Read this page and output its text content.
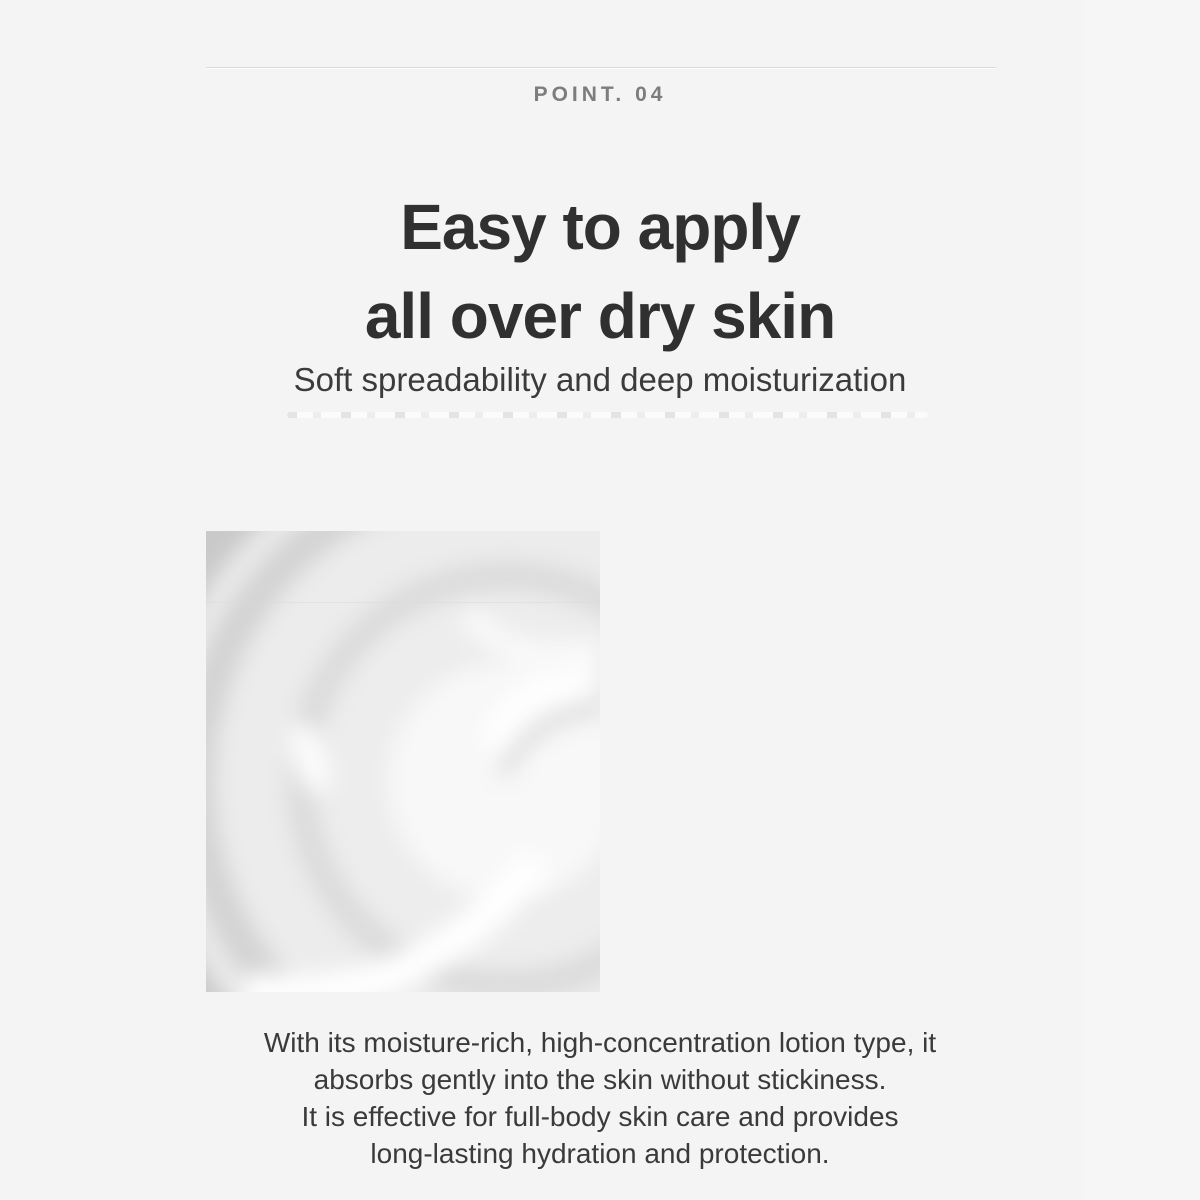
POINT. 04
Easy to apply
all over dry skin
Soft spreadability and deep moisturization
With its moisture-rich, high-concentration lotion type, it
absorbs gently into the skin without stickiness.
It is effective for full-body skin care and provides
long-lasting hydration and protection.
